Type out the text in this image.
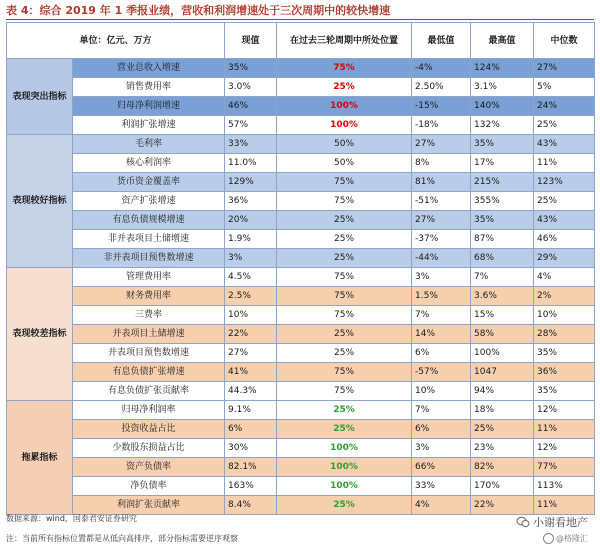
表 4：综合 2019 年 1 季报业绩，营收和利润增速处于三次周期中的较快增速
单位：亿元、万方		现值	在过去三轮周期中所处位置	最低值	最高值	中位数
表现突出指标	营业总收入增速	35%	75%	-4%	124%	27%
	销售费用率	3.0%	25%	2.50%	3.1%	5%
	归母净利润增速	46%	100%	-15%	140%	24%
	利润扩张增速	57%	100%	-18%	132%	25%
表现较好指标	毛利率	33%	50%	27%	35%	43%
	核心利润率	11.0%	50%	8%	17%	11%
	货币资金覆盖率	129%	75%	81%	215%	123%
	资产扩张增速	36%	75%	-51%	355%	25%
	有息负债规模增速	20%	25%	27%	35%	43%
	非并表项目土储增速	1.9%	25%	-37%	87%	46%
	非并表项目预售数增速	3%	25%	-44%	68%	29%
表现较差指标	管理费用率	4.5%	75%	3%	7%	4%
	财务费用率	2.5%	75%	1.5%	3.6%	2%
	三费率	10%	75%	7%	15%	10%
	并表项目土储增速	22%	25%	14%	58%	28%
	并表项目预售数增速	27%	25%	6%	100%	35%
	有息负债扩张增速	41%	75%	-57%	1047	36%
	有息负债扩张贡献率	44.3%	75%	10%	94%	35%
拖累指标	归母净利润率	9.1%	25%	7%	18%	12%
	投资收益占比	6%	25%	6%	25%	11%
	少数股东损益占比	30%	100%	3%	23%	12%
	资产负债率	82.1%	100%	66%	82%	77%
	净负债率	163%	100%	33%	170%	113%
	利润扩张贡献率	8.4%	25%	4%	22%	11%
数据来源：wind，国泰君安证券研究
注：当前所有指标位置都是从低向高排序，部分指标需要逆序观察
小谢看地产
@格隆汇
